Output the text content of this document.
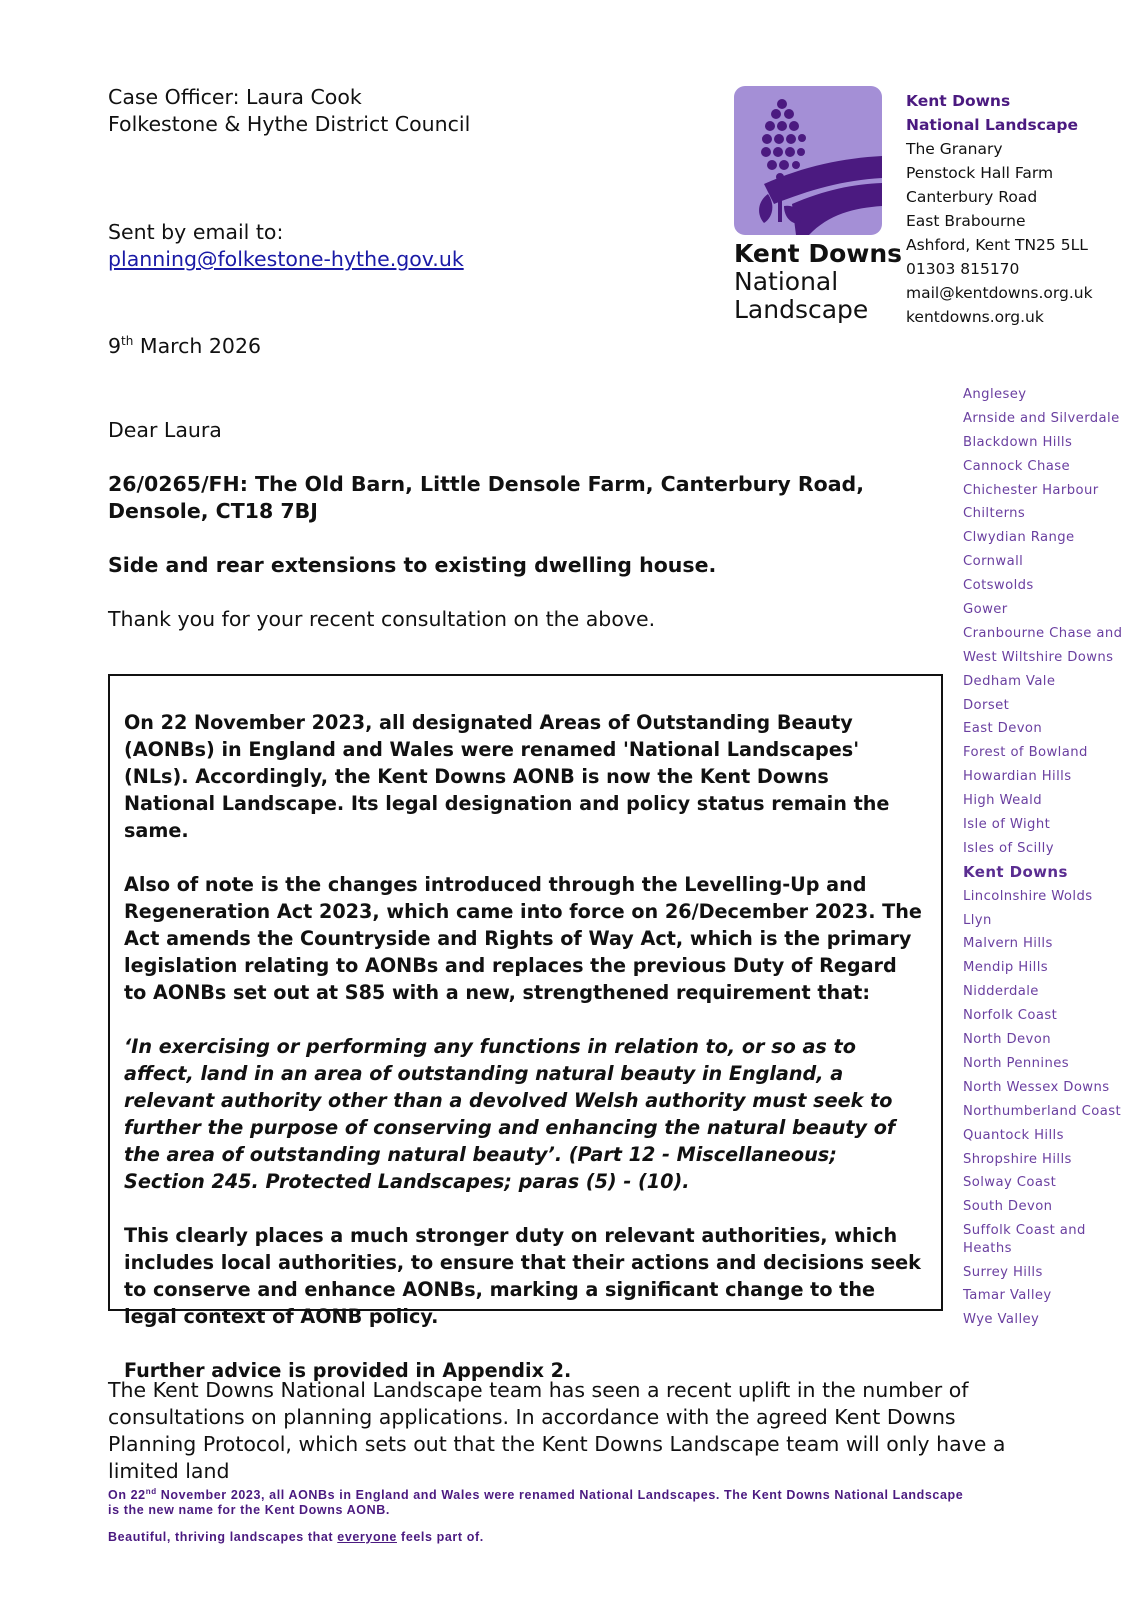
Case Officer: Laura Cook
Folkestone & Hythe District Council
Sent by email to:
planning@folkestone-hythe.gov.uk
9th March 2026
Kent Downs
National
Landscape
Kent Downs
National Landscape
The Granary
Penstock Hall Farm
Canterbury Road
East Brabourne
Ashford, Kent TN25 5LL
01303 815170
mail@kentdowns.org.uk
kentdowns.org.uk
Anglesey
Arnside and Silverdale
Blackdown Hills
Cannock Chase
Chichester Harbour
Chilterns
Clwydian Range
Cornwall
Cotswolds
Gower
Cranbourne Chase and
West Wiltshire Downs
Dedham Vale
Dorset
East Devon
Forest of Bowland
Howardian Hills
High Weald
Isle of Wight
Isles of Scilly
Kent Downs
Lincolnshire Wolds
Llyn
Malvern Hills
Mendip Hills
Nidderdale
Norfolk Coast
North Devon
North Pennines
North Wessex Downs
Northumberland Coast
Quantock Hills
Shropshire Hills
Solway Coast
South Devon
Suffolk Coast and Heaths
Surrey Hills
Tamar Valley
Wye Valley
Dear Laura
26/0265/FH: The Old Barn, Little Densole Farm, Canterbury Road, Densole, CT18 7BJ
Side and rear extensions to existing dwelling house.
Thank you for your recent consultation on the above.

On 22 November 2023, all designated Areas of Outstanding Beauty (AONBs) in England and Wales were renamed 'National Landscapes' (NLs). Accordingly, the Kent Downs AONB is now the Kent Downs National Landscape. Its legal designation and policy status remain the same.

Also of note is the changes introduced through the Levelling-Up and Regeneration Act 2023, which came into force on 26/December 2023. The Act amends the Countryside and Rights of Way Act, which is the primary legislation relating to AONBs and replaces the previous Duty of Regard to AONBs set out at S85 with a new, strengthened requirement that:

‘In exercising or performing any functions in relation to, or so as to affect, land in an area of outstanding natural beauty in England, a relevant authority other than a devolved Welsh authority must seek to further the purpose of conserving and enhancing the natural beauty of the area of outstanding natural beauty’. (Part 12 - Miscellaneous; Section 245. Protected Landscapes; paras (5) - (10).

This clearly places a much stronger duty on relevant authorities, which includes local authorities, to ensure that their actions and decisions seek to conserve and enhance AONBs, marking a significant change to the legal context of AONB policy.

Further advice is provided in Appendix 2.

The Kent Downs National Landscape team has seen a recent uplift in the number of consultations on planning applications. In accordance with the agreed Kent Downs Planning Protocol, which sets out that the Kent Downs Landscape team will only have a limited land
On 22nd November 2023, all AONBs in England and Wales were renamed National Landscapes. The Kent Downs National Landscape is the new name for the Kent Downs AONB.
Beautiful, thriving landscapes that everyone feels part of.
